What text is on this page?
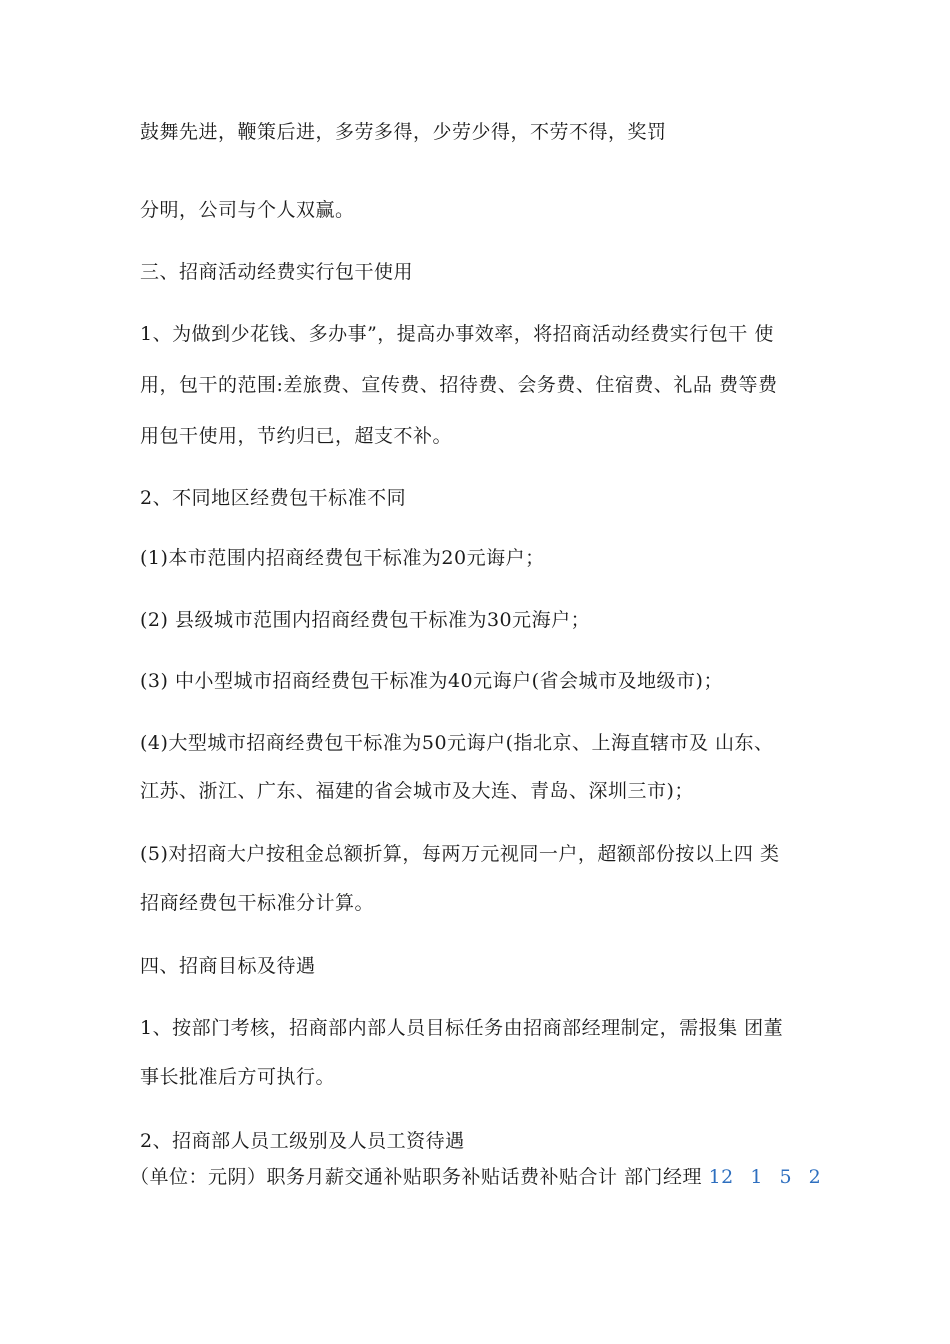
鼓舞先进，鞭策后进，多劳多得，少劳少得，不劳不得，奖罚
分明，公司与个人双赢。
三、招商活动经费实行包干使用
1、为做到少花钱、多办事”，提高办事效率，将招商活动经费实行包干 使
用，包干的范围:差旅费、宣传费、招待费、会务费、住宿费、礼品 费等费
用包干使用，节约归已，超支不补。
2、不同地区经费包干标准不同
(1)本市范围内招商经费包干标准为20元诲户；
(2) 县级城市范围内招商经费包干标准为30元海户；
(3) 中小型城市招商经费包干标准为40元诲户(省会城市及地级市)；
(4)大型城市招商经费包干标准为50元诲户(指北京、上海直辖市及 山东、
江苏、浙江、广东、福建的省会城市及大连、青岛、深圳三市)；
(5)对招商大户按租金总额折算，每两万元视同一户，超额部份按以上四 类
招商经费包干标准分计算。
四、招商目标及待遇
1、按部门考核，招商部内部人员目标任务由招商部经理制定，需报集 团董
事长批准后方可执行。
2、招商部人员工级别及人员工资待遇
（单位：元阴）职务月薪交通补贴职务补贴话费补贴合计 部门经理 12 1 5 2
